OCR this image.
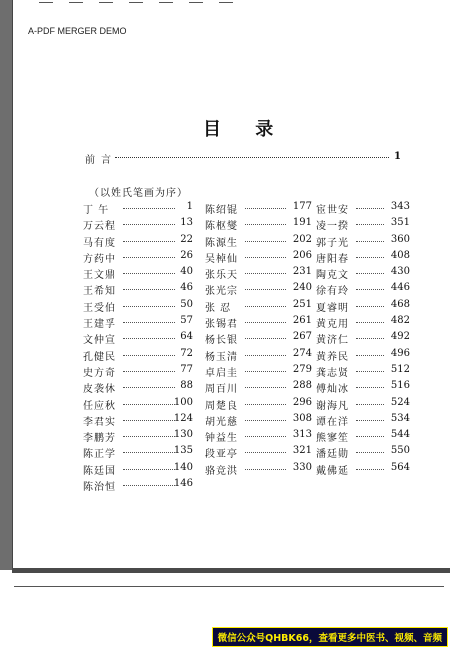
A-PDF MERGER DEMO
目 录
前言	1
（以姓氏笔画为序）
丁 午	1
万云程	13
马有度	22
方药中	26
王文鼎	40
王希知	46
王受伯	50
王建孚	57
文仲宣	64
孔健民	72
史方奇	77
皮袭休	88
任应秋	100
李君实	124
李鹏芳	130
陈正学	135
陈廷国	140
陈治恒	146
陈绍锟	177
陈枢燮	191
陈源生	202
吴棹仙	206
张乐天	231
张光宗	240
张 忍	251
张锡君	261
杨长银	267
杨玉清	274
卓启圭	279
周百川	288
周楚良	296
胡光慈	308
钟益生	313
段亚亭	321
骆竞洪	330
宦世安	343
凌一揆	351
郭子光	360
唐阳春	408
陶克文	430
徐有玲	446
夏睿明	468
黄克用	482
黄济仁	492
黄养民	496
龚志贤	512
傅灿冰	516
谢海凡	524
谭在洋	534
熊寥笙	544
潘廷勋	550
戴佛延	564
微信公众号QHBK66，查看更多中医书、视频、音频
